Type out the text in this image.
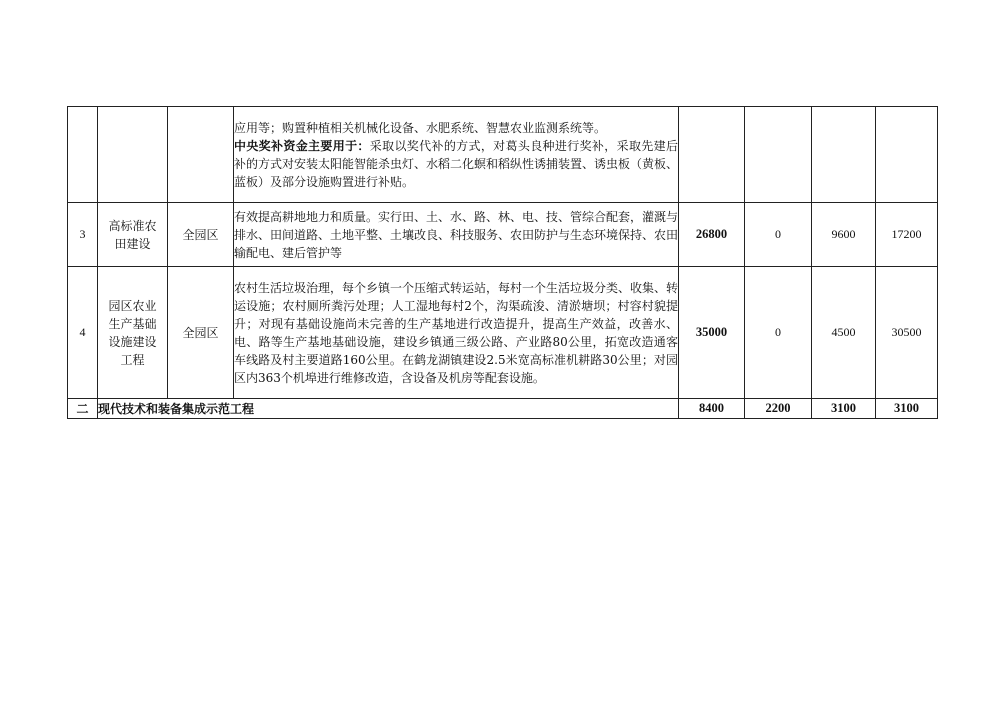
			应用等；购置种植相关机械化设备、水肥系统、智慧农业监测系统等。
中央奖补资金主要用于：采取以奖代补的方式，对葛头良种进行奖补，采取先建后补的方式对安装太阳能智能杀虫灯、水稻二化螟和稻纵性诱捕装置、诱虫板（黄板、蓝板）及部分设施购置进行补贴。				
3	高标准农田建设	全园区	有效提高耕地地力和质量。实行田、土、水、路、林、电、技、管综合配套，灌溉与排水、田间道路、土地平整、土壤改良、科技服务、农田防护与生态环境保持、农田输配电、建后管护等	26800	0	9600	17200
4	园区农业生产基础设施建设工程	全园区	农村生活垃圾治理，每个乡镇一个压缩式转运站，每村一个生活垃圾分类、收集、转运设施；农村厕所粪污处理；人工湿地每村2个，沟渠疏浚、清淤塘坝；村容村貌提升；对现有基础设施尚未完善的生产基地进行改造提升，提高生产效益，改善水、电、路等生产基地基础设施，建设乡镇通三级公路、产业路80公里，拓宽改造通客车线路及村主要道路160公里。在鹤龙湖镇建设2.5米宽高标准机耕路30公里；对园区内363个机埠进行维修改造，含设备及机房等配套设施。	35000	0	4500	30500
二	现代技术和装备集成示范工程			8400	2200	3100	3100
